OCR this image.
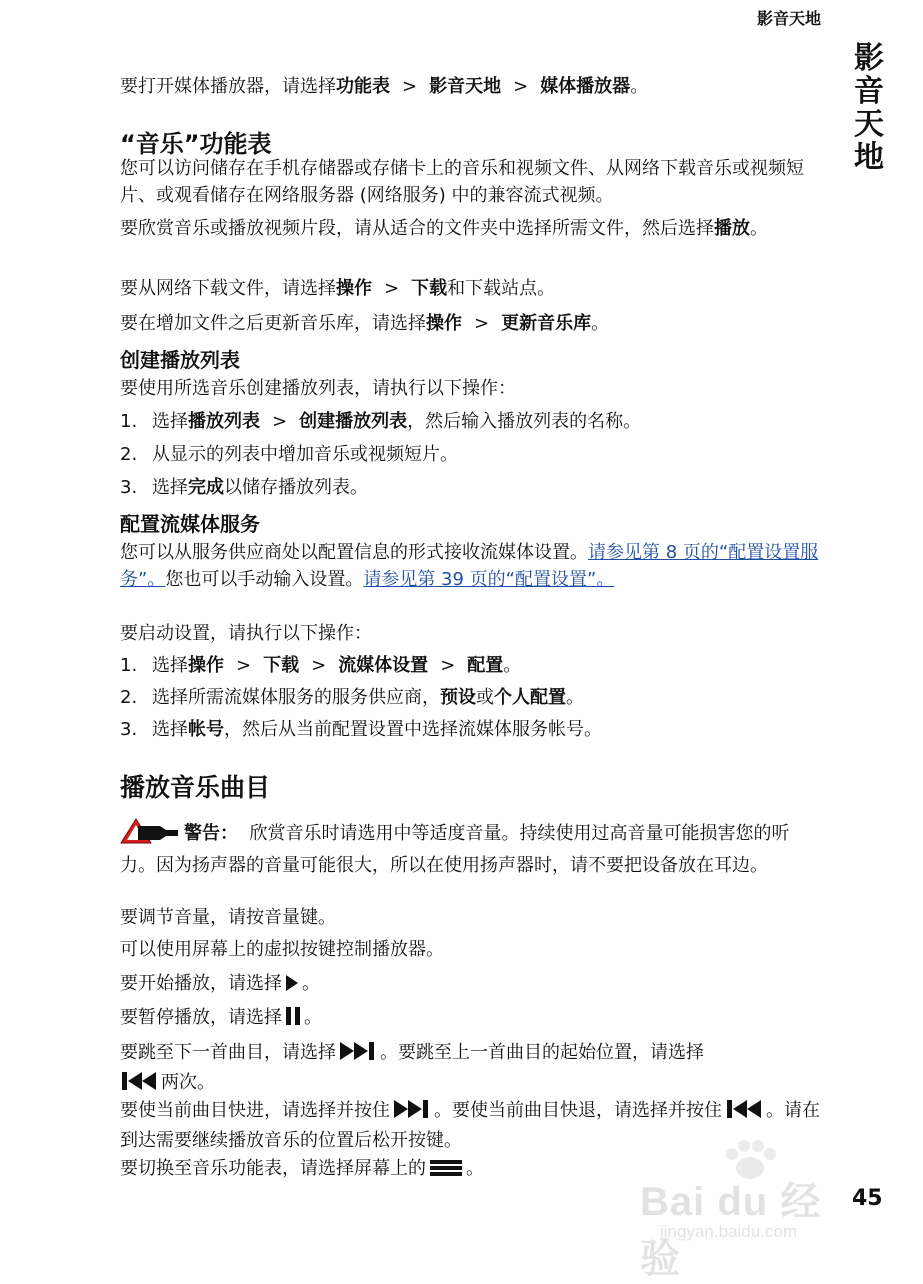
影音天地
影音天地
要打开媒体播放器，请选择功能表 > 影音天地 > 媒体播放器。
“音乐”功能表
您可以访问储存在手机存储器或存储卡上的音乐和视频文件、从网络下载音乐或视频短片、或观看储存在网络服务器 (网络服务) 中的兼容流式视频。
要欣赏音乐或播放视频片段，请从适合的文件夹中选择所需文件，然后选择播放。
要从网络下载文件，请选择操作 > 下载和下载站点。
要在增加文件之后更新音乐库，请选择操作 > 更新音乐库。
创建播放列表
要使用所选音乐创建播放列表，请执行以下操作：
1. 选择播放列表 > 创建播放列表，然后输入播放列表的名称。
2. 从显示的列表中增加音乐或视频短片。
3. 选择完成以储存播放列表。
配置流媒体服务
您可以从服务供应商处以配置信息的形式接收流媒体设置。请参见第 8 页的“配置设置服务”。您也可以手动输入设置。请参见第 39 页的“配置设置”。
要启动设置，请执行以下操作：
1. 选择操作 > 下载 > 流媒体设置 > 配置。
2. 选择所需流媒体服务的服务供应商，预设或个人配置。
3. 选择帐号，然后从当前配置设置中选择流媒体服务帐号。
播放音乐曲目
警告： 欣赏音乐时请选用中等适度音量。持续使用过高音量可能损害您的听力。因为扬声器的音量可能很大，所以在使用扬声器时，请不要把设备放在耳边。
要调节音量，请按音量键。
可以使用屏幕上的虚拟按键控制播放器。
要开始播放，请选择 。
要暂停播放，请选择 。
要跳至下一首曲目，请选择 。要跳至上一首曲目的起始位置，请选择
两次。
要使当前曲目快进，请选择并按住 。要使当前曲目快退，请选择并按住 。请在到达需要继续播放音乐的位置后松开按键。
要切换至音乐功能表，请选择屏幕上的 。
Bai du 经验
jingyan.baidu.com
45
